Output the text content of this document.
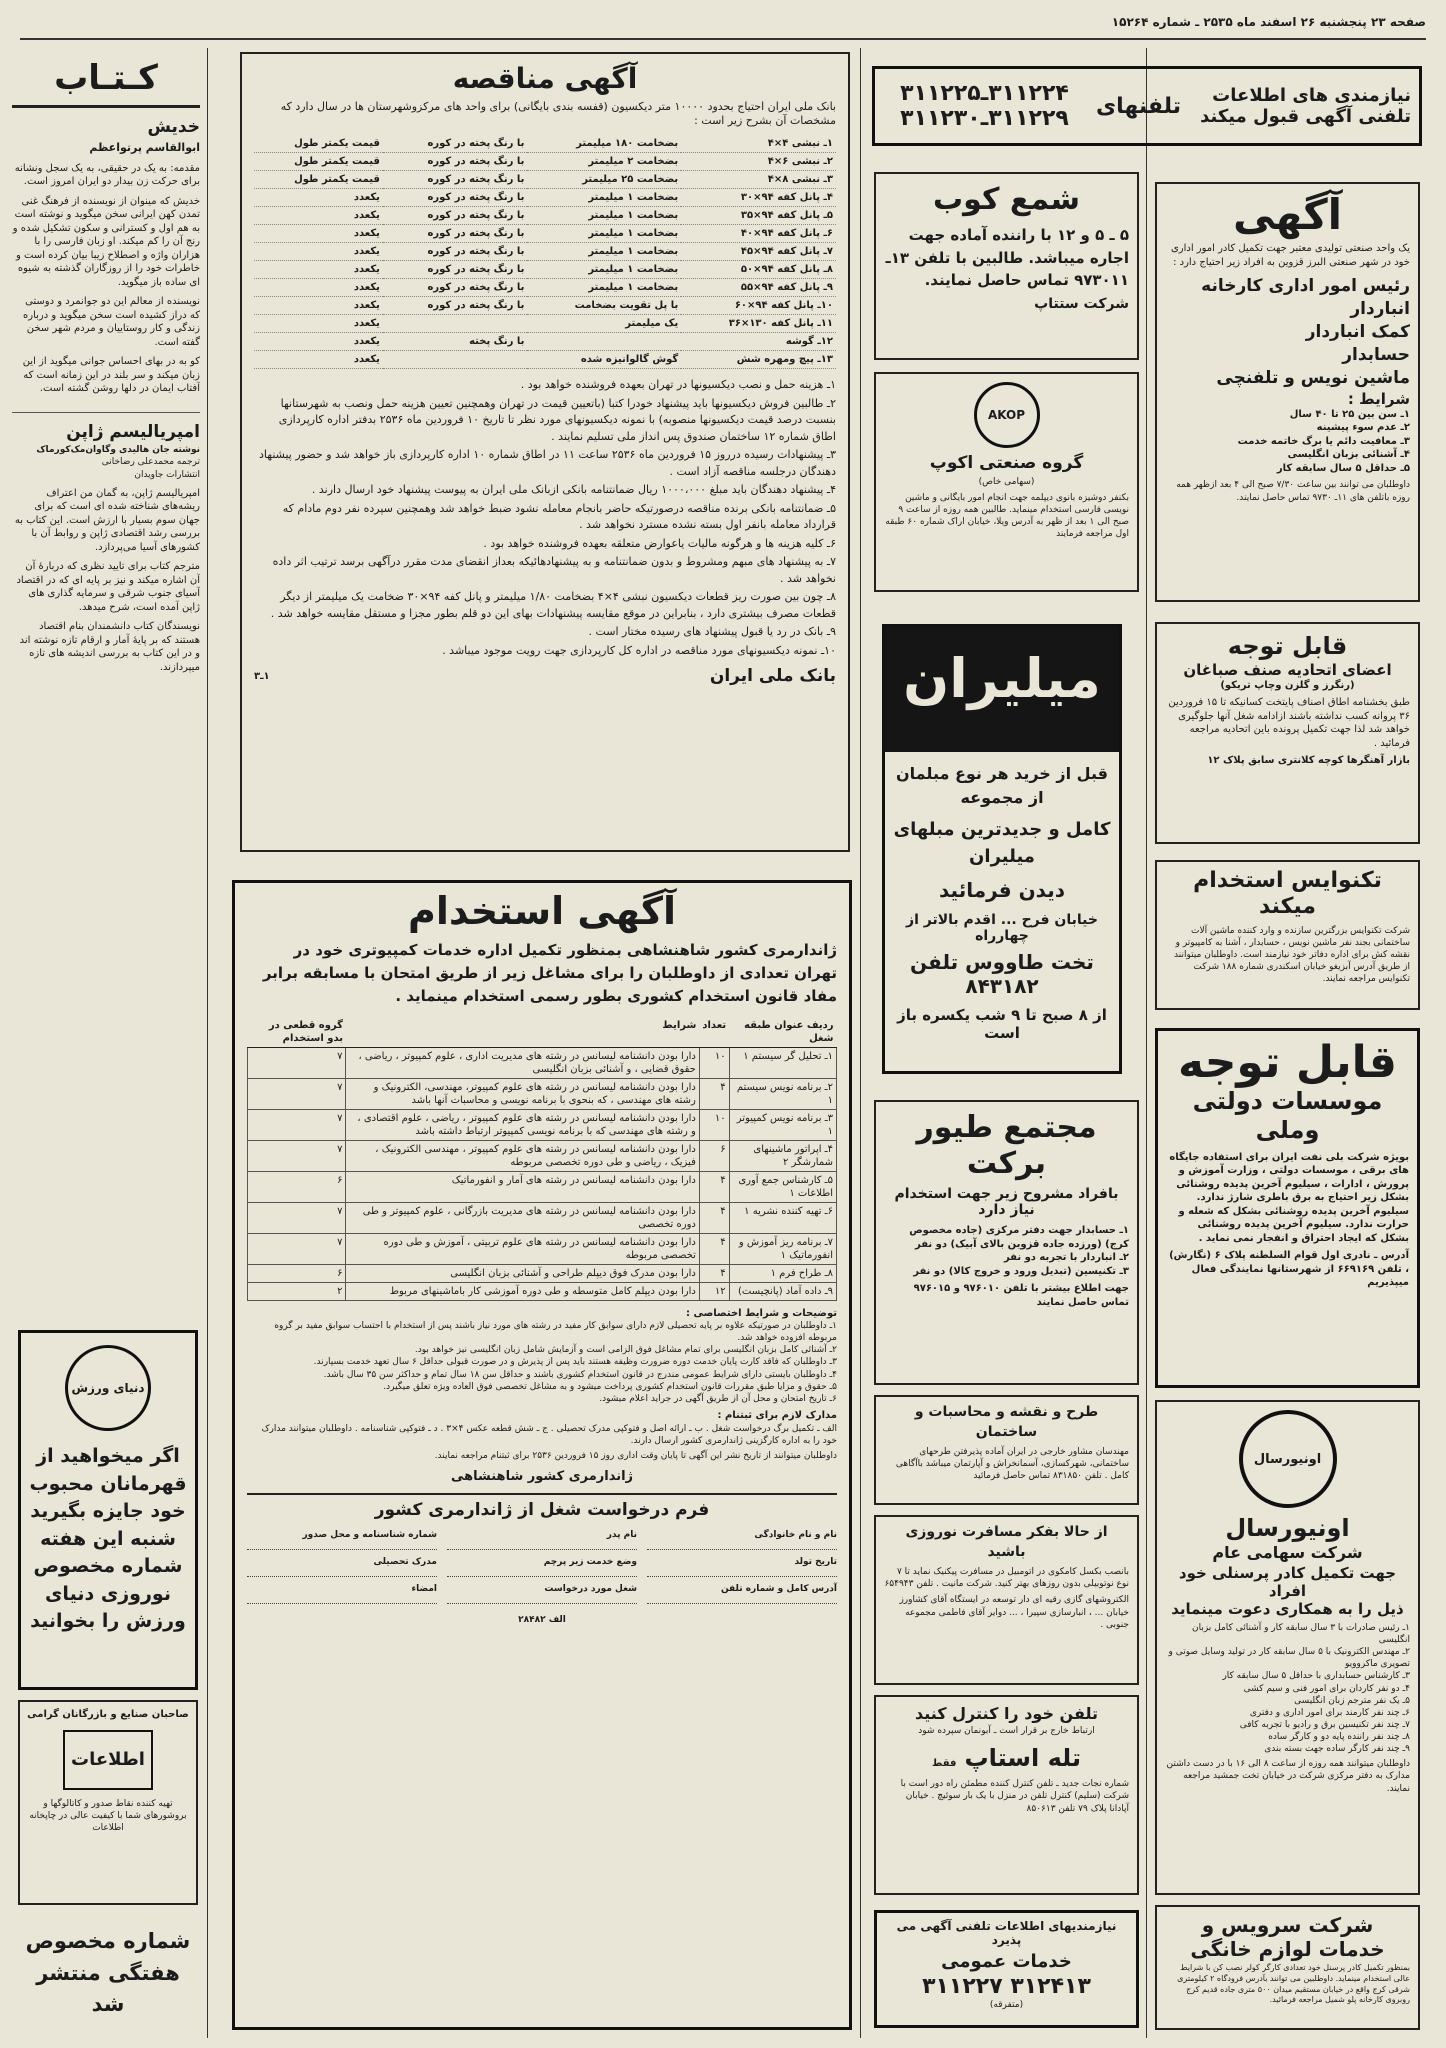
صفحه ۲۳ پنجشنبه ۲۶ اسفند ماه ۲۵۳۵ ـ شماره ۱۵۲۶۴
کـتـاب
خدیش
ابوالقاسم پرتواعظم
مقدمه: به یک در حقیقی، به یک سجل ونشانه برای حرکت زن بیدار دو ایران امروز است.
خدیش که مینوان از نویسنده از فرهنگ غنی تمدن کهن ایرانی سخن میگوید و نوشته است به هم اول و کسترانی و سکون تشکیل شده و رنج آن را کم میکند. او زبان فارسی را با هزاران واژه و اصطلاح زیبا بیان کرده است و خاطرات خود را از روزگاران گذشته به شیوه ای ساده باز میگوید.
نویسنده از معالم این دو جوانمرد و دوستی که دراز کشیده است سخن میگوید و درباره زندگی و کار روستاییان و مردم شهر سخن گفته است.
کو به در بهای احساس جوانی میگوید از این زبان میکند و سر بلند در این زمانه است که آفتاب ایمان در دلها روشن گشته است.
امپریالیسم ژاپن
نوشته جان هالیدی وگاوان‌مک‌کورماک
ترجمه محمدعلی رضاخانی
انتشارات جاویدان
امپریالیسم ژاپن، به گمان من اعتراف ریشه‌های شناخته شده ای است که برای جهان سوم بسیار با ارزش است. این کتاب به بررسی رشد اقتصادی ژاپن و روابط آن با کشورهای آسیا می‌پردازد.
مترجم کتاب برای تایید نظری که دربارهٔ آن آن اشاره میکند و نیز بر پایه ای که در اقتصاد آسیای جنوب شرقی و سرمایه گذاری های ژاپن آمده است، شرح میدهد.
نویسندگان کتاب دانشمندان بنام اقتصاد هستند که بر پایهٔ آمار و ارقام تازه نوشته اند و در این کتاب به بررسی اندیشه های تازه میپردازند.
دنیای ورزش
اگر میخواهید از قهرمانان محبوب خود جایزه بگیرید شنبه این هفته شماره مخصوص نوروزی دنیای ورزش را بخوانید
صاحبان صنایع و بازرگانان گرامی
اطلاعات
تهیه کننده نقاط صدور و کاتالوگها و بروشورهای شما با کیفیت عالی در چاپخانه اطلاعات
شماره مخصوص هفتگی منتشر شد
آگهی مناقصه
بانک ملی ایران احتیاج بحدود ۱۰۰۰۰ متر دیکسیون (قفسه بندی بایگانی) برای واحد های مرکزوشهرستان ها در سال دارد که مشخصات آن بشرح زیر است :
۱ـ نبشی ۴×۴	بضخامت ۱۸۰ میلیمتر	با رنگ پخته در کوره	قیمت یکمتر طول
۲ـ نبشی ۶×۴	بضخامت ۲ میلیمتر	با رنگ پخته در کوره	قیمت یکمتر طول
۳ـ نبشی ۸×۴	بضخامت ۲۵ میلیمتر	با رنگ پخته در کوره	قیمت یکمتر طول
۴ـ پانل کفه ۹۴×۳۰	بضخامت ۱ میلیمتر	با رنگ پخته در کوره	یکعدد
۵ـ پانل کفه ۹۴×۳۵	بضخامت ۱ میلیمتر	با رنگ پخته در کوره	یکعدد
۶ـ پانل کفه ۹۴×۴۰	بضخامت ۱ میلیمتر	با رنگ پخته در کوره	یکعدد
۷ـ پانل کفه ۹۴×۴۵	بضخامت ۱ میلیمتر	با رنگ پخته در کوره	یکعدد
۸ـ پانل کفه ۹۴×۵۰	بضخامت ۱ میلیمتر	با رنگ پخته در کوره	یکعدد
۹ـ پانل کفه ۹۴×۵۵	بضخامت ۱ میلیمتر	با رنگ پخته در کوره	یکعدد
۱۰ـ پانل کفه ۹۴×۶۰	با پل تقویت بضخامت	با رنگ پخته در کوره	یکعدد
۱۱ـ پانل کفه ۱۳۰×۳۶	یک میلیمتر		یکعدد
۱۲ـ گوشه		با رنگ پخته	یکعدد
۱۳ـ پیچ ومهره شش	گوش گالوانیزه شده		یکعدد
۱ـ هزینه حمل و نصب دیکسیونها در تهران بعهده فروشنده خواهد بود .
۲ـ طالبین فروش دیکسیونها باید پیشنهاد خودرا کتبا (باتعیین قیمت در تهران وهمچنین تعیین هزینه حمل ونصب به شهرستانها بنسبت درصد قیمت دیکسیونها منصوبه) با نمونه دیکسیونهای مورد نظر تا تاریخ ۱۰ فروردین ماه ۲۵۳۶ بدفتر اداره کارپردازی اطاق شماره ۱۲ ساختمان صندوق پس انداز ملی تسلیم نمایند .
۳ـ پیشنهادات رسیده درروز ۱۵ فروردین ماه ۲۵۳۶ ساعت ۱۱ در اطاق شماره ۱۰ اداره کارپردازی باز خواهد شد و حضور پیشنهاد دهندگان درجلسه مناقصه آزاد است .
۴ـ پیشنهاد دهندگان باید مبلغ ۱۰۰۰،۰۰۰ ریال ضمانتنامه بانکی ازبانک ملی ایران به پیوست پیشنهاد خود ارسال دارند .
۵ـ ضمانتنامه بانکی برنده مناقصه درصورتیکه حاضر بانجام معامله نشود ضبط خواهد شد وهمچنین سپرده نفر دوم مادام که قرارداد معامله بانفر اول بسته نشده مسترد نخواهد شد .
۶ـ کلیه هزینه ها و هرگونه مالیات یاعوارض متعلقه بعهده فروشنده خواهد بود .
۷ـ به پیشنهاد های مبهم ومشروط و بدون ضمانتنامه و به پیشنهادهائیکه بعداز انقضای مدت مقرر درآگهی برسد ترتیب اثر داده نخواهد شد .
۸ـ چون بین صورت ریز قطعات دیکسیون نبشی ۴×۴ بضخامت ۱/۸۰ میلیمتر و پانل کفه ۹۴×۳۰ ضخامت یک میلیمتر از دیگر قطعات مصرف بیشتری دارد ، بنابراین در موقع مقایسه پیشنهادات بهای این دو قلم بطور مجزا و مستقل مقایسه خواهد شد .
۹ـ بانک در رد یا قبول پیشنهاد های رسیده مختار است .
۱۰ـ نمونه دیکسیونهای مورد مناقصه در اداره کل کارپردازی جهت رویت موجود میباشد .
بانک ملی ایران
۱ـ۳
آگهی استخدام
ژاندارمری کشور شاهنشاهی بمنظور تکمیل اداره خدمات کمپیوتری خود در تهران تعدادی از داوطلبان را برای مشاغل زیر از طریق امتحان با مسابقه برابر مفاد قانون استخدام کشوری بطور رسمی استخدام مینماید .
ردیف عنوان طبقه شغل	تعداد	شرایط	گروه قطعی در بدو استخدام
۱ـ تحلیل گر سیستم ۱	۱۰	دارا بودن دانشنامه لیسانس در رشته های مدیریت اداری ، علوم کمپیوتر ، ریاضی ، حقوق قضایی ، و آشنائی بزبان انگلیسی	۷
۲ـ برنامه نویس سیستم ۱	۴	دارا بودن دانشنامه لیسانس در رشته های علوم کمپیوتر، مهندسی، الکترونیک و رشته های مهندسی ، که بنحوی با برنامه نویسی و محاسبات آنها باشد	۷
۳ـ برنامه نویس کمپیوتر ۱	۱۰	دارا بودن دانشنامه لیسانس در رشته های علوم کمپیوتر ، ریاضی ، علوم اقتصادی ، و رشته های مهندسی که با برنامه نویسی کمپیوتر ارتباط داشته باشد	۷
۴ـ اپراتور ماشینهای شمارشگر ۲	۶	دارا بودن دانشنامه لیسانس در رشته های علوم کمپیوتر ، مهندسی الکترونیک ، فیزیک ، ریاضی و طی دوره تخصصی مربوطه	۷
۵ـ کارشناس جمع آوری اطلاعات ۱	۴	دارا بودن دانشنامه لیسانس در رشته های آمار و انفورماتیک	۶
۶ـ تهیه کننده نشریه ۱	۴	دارا بودن دانشنامه لیسانس در رشته های مدیریت بازرگانی ، علوم کمپیوتر و طی دوره تخصصی	۷
۷ـ برنامه ریز آموزش و انفورماتیک ۱	۴	دارا بودن دانشنامه لیسانس در رشته های علوم تربیتی ، آموزش و طی دوره تخصصی مربوطه	۷
۸ـ طراح فرم ۱	۴	دارا بودن مدرک فوق دیپلم طراحی و آشنائی بزبان انگلیسی	۶
۹ـ داده آماد (پانچیست)	۱۲	دارا بودن دیپلم کامل متوسطه و طی دوره آموزشی کار باماشینهای مربوط	۲
توضیحات و شرایط اختصاصی :
۱ـ داوطلبان در صورتیکه علاوه بر پایه تحصیلی لازم دارای سوابق کار مفید در رشته های مورد نیاز باشند پس از استخدام با احتساب سوابق مفید بر گروه مربوطه افزوده خواهد شد.
۲ـ آشنائی کامل بزبان انگلیسی برای تمام مشاغل فوق الزامی است و آزمایش شامل زبان انگلیسی نیز خواهد بود.
۳ـ داوطلبان که فاقد کارت پایان خدمت دوره ضرورت وظیفه هستند باید پس از پذیرش و در صورت قبولی حداقل ۶ سال تعهد خدمت بسپارند.
۴ـ داوطلبان بایستی دارای شرایط عمومی مندرج در قانون استخدام کشوری باشند و حداقل سن ۱۸ سال تمام و حداکثر سن ۳۵ سال باشد.
۵ـ حقوق و مزایا طبق مقررات قانون استخدام کشوری پرداخت میشود و به مشاغل تخصصی فوق العاده ویژه تعلق میگیرد.
۶ـ تاریخ امتحان و محل آن از طریق آگهی در جراید اعلام میشود.
مدارک لازم برای ثبتنام :
الف ـ تکمیل برگ درخواست شغل . ب ـ ارائه اصل و فتوکپی مدرک تحصیلی . ج ـ شش قطعه عکس ۴×۳ . د ـ فتوکپی شناسنامه . داوطلبان میتوانند مدارک خود را به اداره کارگزینی ژاندارمری کشور ارسال دارند.
داوطلبان میتوانند از تاریخ نشر این آگهی تا پایان وقت اداری روز ۱۵ فروردین ۲۵۳۶ برای ثبتنام مراجعه نمایند.
ژاندارمری کشور شاهنشاهی
فرم درخواست شغل از ژاندارمری کشور
نام و نام خانوادگی
نام پدر
شماره شناسنامه و محل صدور
تاریخ تولد
وضع خدمت زیر پرچم
مدرک تحصیلی
آدرس کامل و شماره تلفن
شغل مورد درخواست
امضاء
الف ۲۸۴۸۲
نیازمندی های اطلاعات
تلفنی آگهی قبول میکند
تلفنهای
۳۱۱۲۲۴ـ۳۱۱۲۲۵
۳۱۱۲۲۹ـ۳۱۱۲۳۰
شمع کوب
۵ ـ ۵ و ۱۲ با راننده آماده جهت اجاره میباشد. طالبین با تلفن ۱۳ـ ۹۷۳۰۱۱ تماس حاصل نمایند.
شرکت ستتاپ
AKOP
گروه صنعتی اکوپ
(سهامی خاص)
بکنفر دوشیزه بانوی دیپلمه جهت انجام امور بایگانی و ماشین نویسی فارسی استخدام مینماید. طالبین همه روزه از ساعت ۹ صبح الی ۱ بعد از ظهر به آدرس ویلا، خیابان اراک شماره ۶۰ طبقه اول مراجعه فرمایند
میلیران
قبل از خرید هر نوع مبلمان از مجموعه
کامل و جدیدترین مبلهای میلیران
دیدن فرمائید
خیابان فرح ... اقدم بالاتر از چهارراه
تخت طاووس تلفن ۸۴۳۱۸۲
از ۸ صبح تا ۹ شب یکسره باز است
مجتمع طیور
برکت
بافراد مشروح زیر جهت استخدام نیاز دارد
۱ـ حسابدار جهت دفتر مرکزی (جاده مخصوص کرج) (ورزده جاده قزوین بالای آبیک) دو نفر
۲ـ انباردار با تجربه دو نفر
۳ـ تکنیسین (تبدیل ورود و خروج کالا) دو نفر
جهت اطلاع بیشتر با تلفن ۹۷۶۰۱۰ و ۹۷۶۰۱۵ تماس حاصل نمایند
طرح و نقشه و محاسبات و ساختمان
مهندسان مشاور خارجی در ایران آماده پذیرفتن طرحهای ساختمانی، شهرکسازی، آسمانخراش و آپارتمان میباشد باآگاهی کامل . تلفن ۸۳۱۸۵۰ تماس حاصل فرمائید
از حالا بفکر مسافرت نوروزی باشید
بانصب بکسل کامکوی در اتومبیل در مسافرت پیکنیک نماید تا ۷ نوع نوتوبیلی بدون روزهای بهتر کنید. شرکت مانیت . تلفن ۶۵۴۹۴۳
الکتروشهای گازی رقیه ای دار توسعه در ایستگاه آقای کشاورز خیابان ... ، انبارسازی سپیرا ، ... دوایر آقای فاطمی مجموعه جنوبی .
تلفن خود را کنترل کنید
ارتباط خارج بر قرار است ـ آبونمان سپرده شود
تله استاپ
فقط
شماره نجات جدید ـ تلفن کنترل کننده مطمئن راه دور است با شرکت (سلیم) کنترل تلفن در منزل با یک بار سوئیچ . خیابان آپادانا پلاک ۷۹ تلفن ۸۵۰۶۱۳
نیازمندیهای اطلاعات تلفنی آگهی می پذیرد
خدمات عمومی
۳۱۲۴۱۳ ۳۱۱۲۲۷
(متفرقه)
آگهی
یک واحد صنعتی تولیدی معتبر جهت تکمیل کادر امور اداری خود در شهر صنعتی البرز قزوین به افراد زیر احتیاج دارد :
رئیس امور اداری کارخانه
انباردار
کمک انباردار
حسابدار
ماشین نویس و تلفنچی
شرایط :
۱ـ سن بین ۲۵ تا ۴۰ سال
۲ـ عدم سوء پیشینه
۳ـ معافیت دائم یا برگ خاتمه خدمت
۴ـ آشنائی بزبان انگلیسی
۵ـ حداقل ۵ سال سابقه کار
داوطلبان می توانند بین ساعت ۷/۳۰ صبح الی ۴ بعد ازظهر همه روزه باتلفن های ۱۱ـ ۹۷۳۰ تماس حاصل نمایند.
قابل توجه
اعضای اتحادیه صنف صباغان
(رنگرز و گلزن وچاپ تریکو)
طبق بخشنامه اطاق اصناف پایتخت کسانیکه تا ۱۵ فروردین ۳۶ پروانه کسب نداشته باشند ازادامه شغل آنها جلوگیری خواهد شد لذا جهت تکمیل پرونده باین اتحادیه مراجعه فرمائید .
بازار آهنگرها کوچه کلانتری سابق پلاک ۱۲
تکنوایس استخدام
میکند
شرکت تکنوایس بزرگترین سازنده و وارد کننده ماشین آلات ساختمانی بجند نفر ماشین نویس ، حسابدار ، آشنا به کامپیوتر و نقشه کش برای اداره دفاتر خود نیازمند است. داوطلبان میتوانند از طریق آدرس آبزیغو خیابان اسکندری شماره ۱۸۸ شرکت تکنوایس مراجعه نمایند.
قابل توجه
موسسات دولتی وملی
بویژه شرکت بلی نفت ایران برای استفاده جایگاه های برقی ، موسسات دولتی ، وزارت آموزش و پرورش ، ادارات ، سیلیوم آخرین پدیده روشنائی بشکل زیر احتیاج به برق باطری شارژ ندارد. سیلیوم آخرین پدیده روشنائی بشکل که شعله و حرارت ندارد. سیلیوم آخرین پدیده روشنائی بشکل که ایجاد احتراق و انفجار نمی نماید .
آدرس ـ نادری اول قوام السلطنه پلاک ۶ (نگارش) ، تلفن ۶۶۹۱۶۹ از شهرستانها نمایندگی فعال میپذیریم
اونیورسال
اونیورسال
شرکت سهامی عام
جهت تکمیل کادر پرسنلی خود افراد
ذیل را به همکاری دعوت مینماید
۱ـ رئیس صادرات با ۳ سال سابقه کار و آشنائی کامل بزبان انگلیسی
۲ـ مهندس الکترونیک با ۵ سال سابقه کار در تولید وسایل صوتی و تصویری ماکروویو
۳ـ کارشناس حسابداری با حداقل ۵ سال سابقه کار
۴ـ دو نفر کاردان برای امور فنی و سیم کشی
۵ـ یک نفر مترجم زبان انگلیسی
۶ـ چند نفر کارمند برای امور اداری و دفتری
۷ـ چند نفر تکنیسین برق و رادیو با تجربه کافی
۸ـ چند نفر راننده پایه دو و کارگر ساده
۹ـ چند نفر کارگر ساده جهت بسته بندی
داوطلبان میتوانند همه روزه از ساعت ۸ الی ۱۶ با در دست داشتن مدارک به دفتر مرکزی شرکت در خیابان تخت جمشید مراجعه نمایند.
شرکت سرویس و
خدمات لوازم خانگی
بمنظور تکمیل کادر پرسنل خود تعدادی کارگر کولر نصب کن با شرایط عالی استخدام مینماید. داوطلبین می توانند بآدرس فرودگاه ۲ کیلومتری شرقی کرج واقع در خیابان مستقیم میدان ۵۰۰ متری جاده قدیم کرج روبروی کارخانه پلو شمیل مراجعه فرمائید.
